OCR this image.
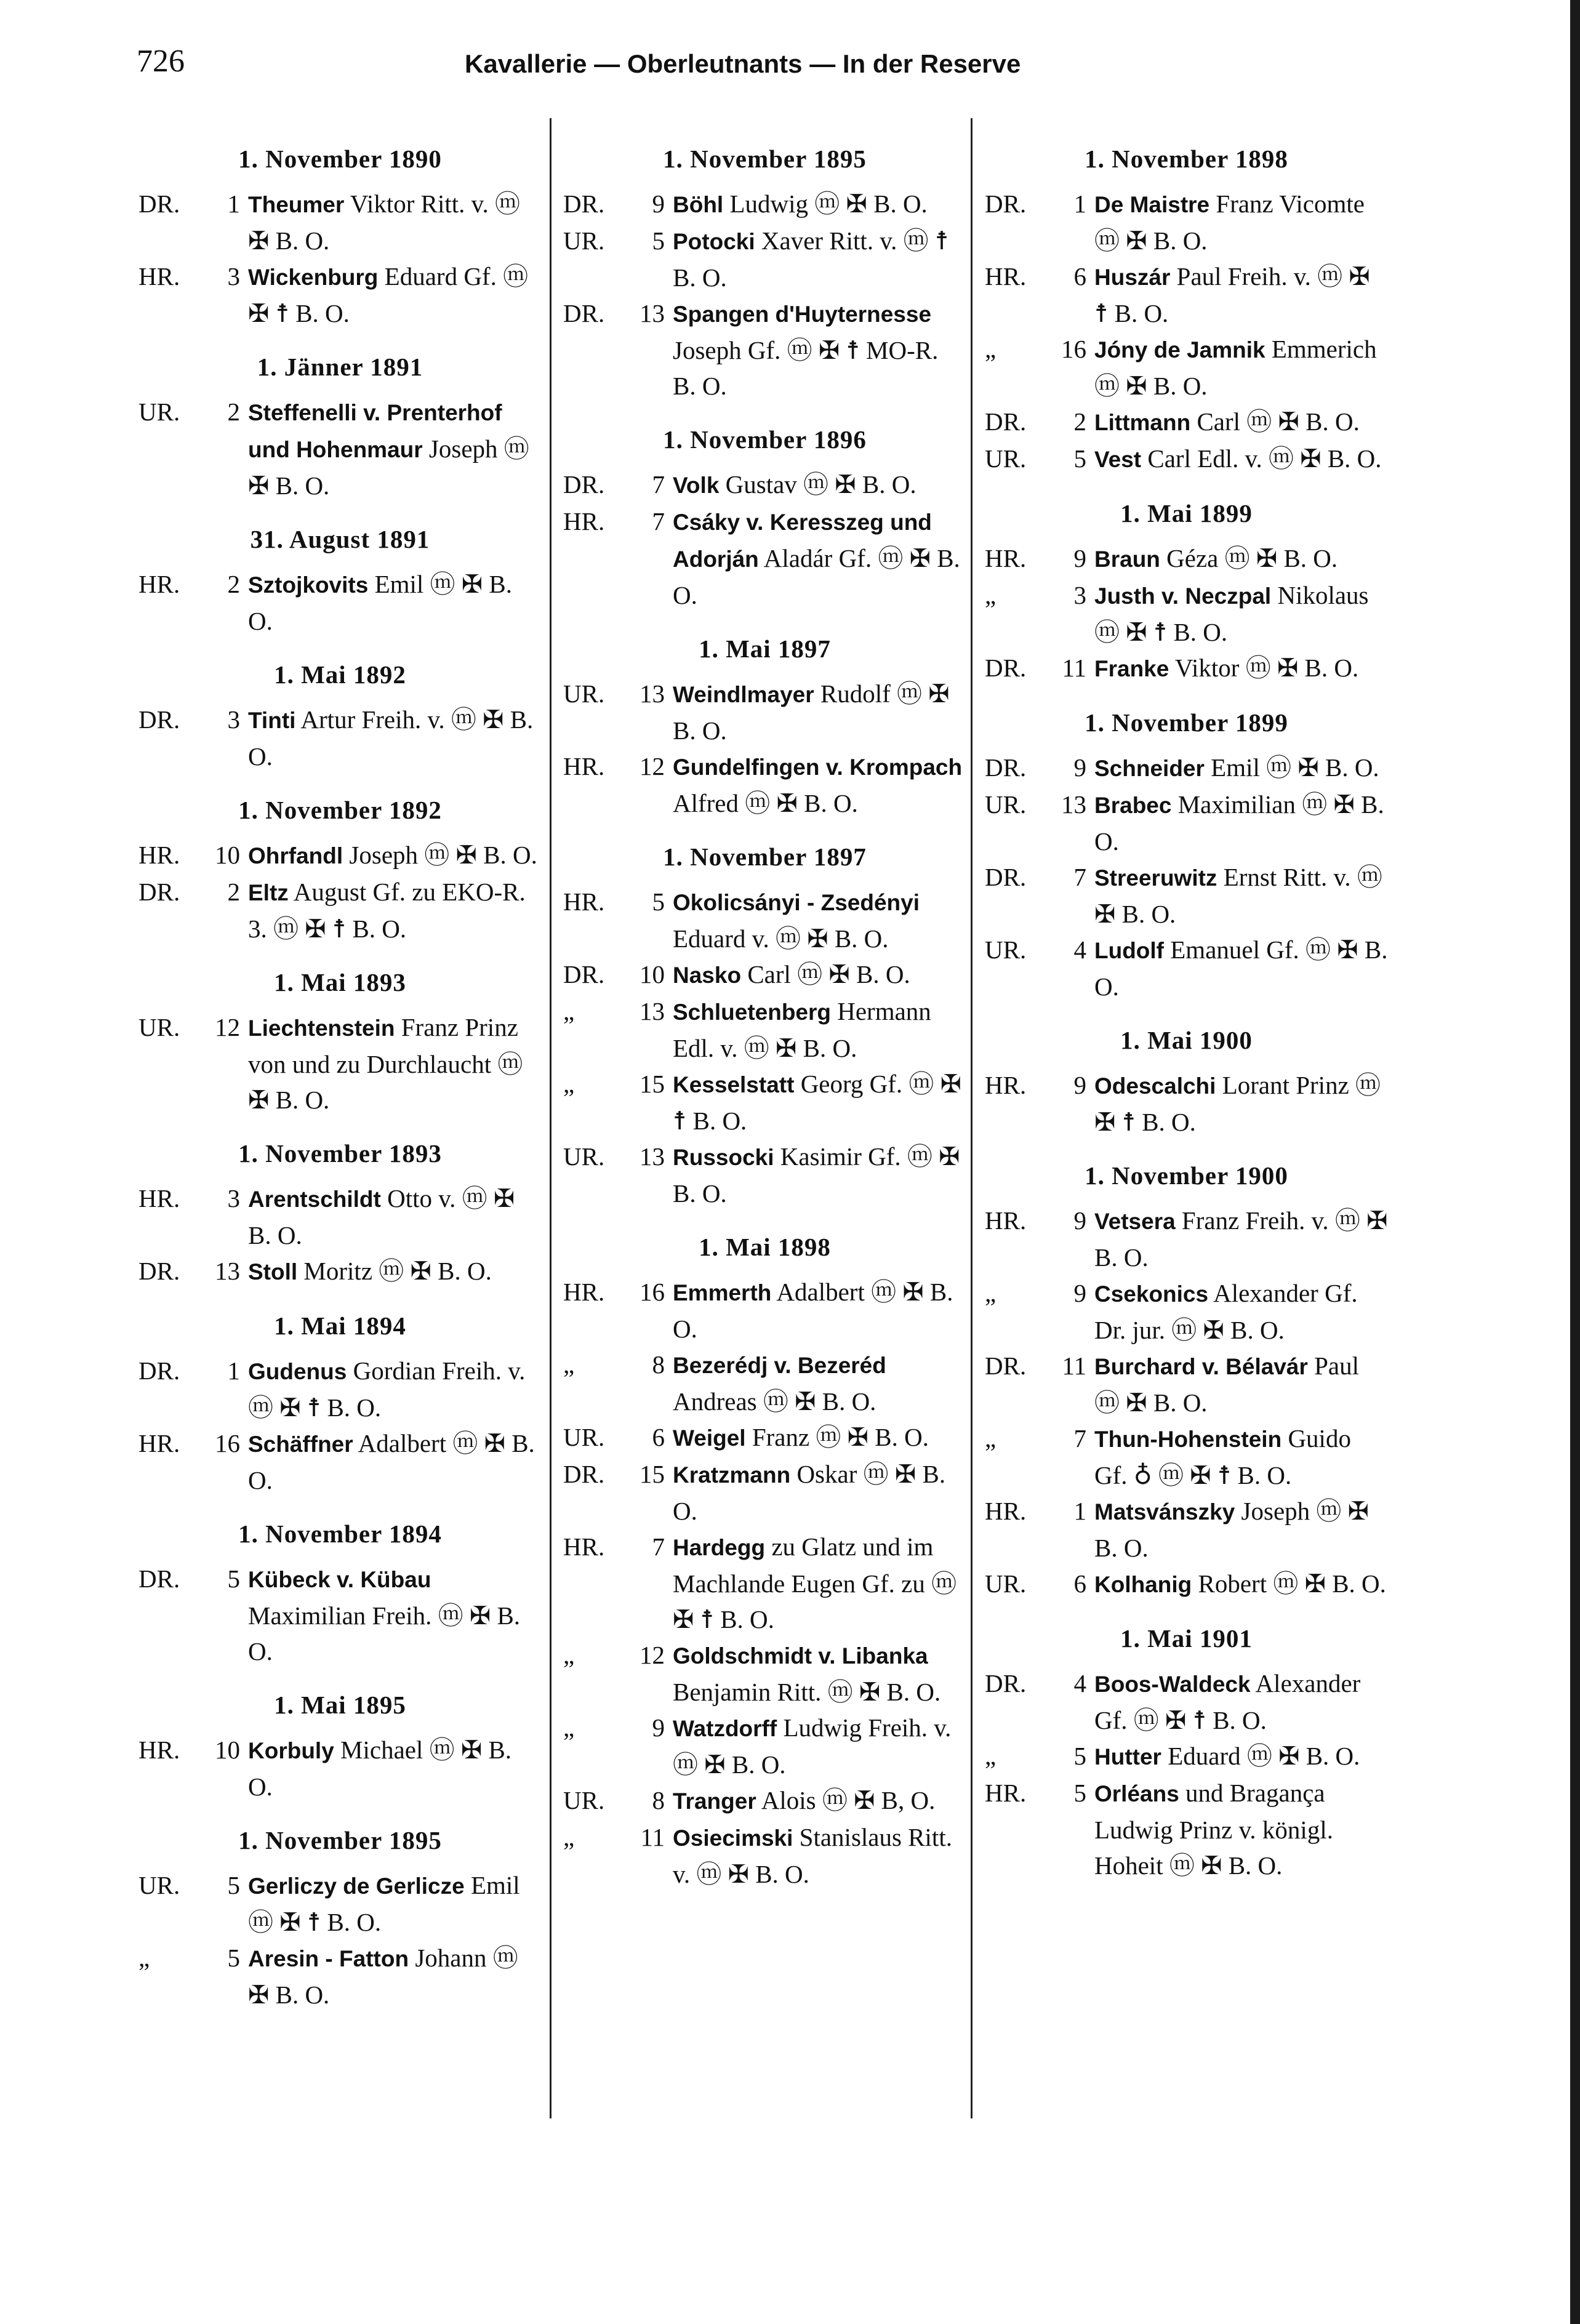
726	Kavallerie — Oberleutnants — In der Reserve
1. November 1890
DR.	1 Theumer Viktor Ritt. v. ⓜ ✠ B. O.
HR.	3 Wickenburg Eduard Gf. ⓜ ✠ ☨ B. O.
1. Jänner 1891
UR.	2 Steffenelli v. Prenterhof und Hohenmaur Joseph ⓜ ✠ B. O.
31. August 1891
HR.	2 Sztojkovits Emil ⓜ ✠ B. O.
1. Mai 1892
DR.	3 Tinti Artur Freih. v. ⓜ ✠ B. O.
1. November 1892
HR.	10 Ohrfandl Joseph ⓜ ✠ B. O.
DR.	2 Eltz August Gf. zu EKO-R. 3. ⓜ ✠ ☨ B. O.
1. Mai 1893
UR.	12 Liechtenstein Franz Prinz von und zu Durchlaucht ⓜ ✠ B. O.
1. November 1893
HR.	3 Arentschildt Otto v. ⓜ ✠ B. O.
DR.	13 Stoll Moritz ⓜ ✠ B. O.
1. Mai 1894
DR.	1 Gudenus Gordian Freih. v. ⓜ ✠ ☨ B. O.
HR.	16 Schäffner Adalbert ⓜ ✠ B. O.
1. November 1894
DR.	5 Kübeck v. Kübau Maximilian Freih. ⓜ ✠ B. O.
1. Mai 1895
HR.	10 Korbuly Michael ⓜ ✠ B. O.
1. November 1895
UR.	5 Gerliczy de Gerlicze Emil ⓜ ✠ ☨ B. O.
„	5 Aresin - Fatton Johann ⓜ ✠ B. O.
1. November 1895
DR.	9 Böhl Ludwig ⓜ ✠ B. O.
UR.	5 Potocki Xaver Ritt. v. ⓜ ☨ B. O.
DR.	13 Spangen d'Huyternesse Joseph Gf. ⓜ ✠ ☨ MO-R. B. O.
1. November 1896
DR.	7 Volk Gustav ⓜ ✠ B. O.
HR.	7 Csáky v. Keresszeg und Adorján Aladár Gf. ⓜ ✠ B. O.
1. Mai 1897
UR.	13 Weindlmayer Rudolf ⓜ ✠ B. O.
HR.	12 Gundelfingen v. Krompach Alfred ⓜ ✠ B. O.
1. November 1897
HR.	5 Okolicsányi - Zsedényi Eduard v. ⓜ ✠ B. O.
DR.	10 Nasko Carl ⓜ ✠ B. O.
„	13 Schluetenberg Hermann Edl. v. ⓜ ✠ B. O.
„	15 Kesselstatt Georg Gf. ⓜ ✠ ☨ B. O.
UR.	13 Russocki Kasimir Gf. ⓜ ✠ B. O.
1. Mai 1898
HR.	16 Emmerth Adalbert ⓜ ✠ B. O.
„	8 Bezerédj v. Bezeréd Andreas ⓜ ✠ B. O.
UR.	6 Weigel Franz ⓜ ✠ B. O.
DR.	15 Kratzmann Oskar ⓜ ✠ B. O.
HR.	7 Hardegg zu Glatz und im Machlande Eugen Gf. zu ⓜ ✠ ☨ B. O.
„	12 Goldschmidt v. Libanka Benjamin Ritt. ⓜ ✠ B. O.
„	9 Watzdorff Ludwig Freih. v. ⓜ ✠ B. O.
UR.	8 Tranger Alois ⓜ ✠ B, O.
„	11 Osiecimski Stanislaus Ritt. v. ⓜ ✠ B. O.
1. November 1898
DR.	1 De Maistre Franz Vicomte ⓜ ✠ B. O.
HR.	6 Huszár Paul Freih. v. ⓜ ✠ ☨ B. O.
„	16 Jóny de Jamnik Emmerich ⓜ ✠ B. O.
DR.	2 Littmann Carl ⓜ ✠ B. O.
UR.	5 Vest Carl Edl. v. ⓜ ✠ B. O.
1. Mai 1899
HR.	9 Braun Géza ⓜ ✠ B. O.
„	3 Justh v. Neczpal Nikolaus ⓜ ✠ ☨ B. O.
DR.	11 Franke Viktor ⓜ ✠ B. O.
1. November 1899
DR.	9 Schneider Emil ⓜ ✠ B. O.
UR.	13 Brabec Maximilian ⓜ ✠ B. O.
DR.	7 Streeruwitz Ernst Ritt. v. ⓜ ✠ B. O.
UR.	4 Ludolf Emanuel Gf. ⓜ ✠ B. O.
1. Mai 1900
HR.	9 Odescalchi Lorant Prinz ⓜ ✠ ☨ B. O.
1. November 1900
HR.	9 Vetsera Franz Freih. v. ⓜ ✠ B. O.
„	9 Csekonics Alexander Gf. Dr. jur. ⓜ ✠ B. O.
DR.	11 Burchard v. Bélavár Paul ⓜ ✠ B. O.
„	7 Thun-Hohenstein Guido Gf. ♁ ⓜ ✠ ☨ B. O.
HR.	1 Matsvánszky Joseph ⓜ ✠ B. O.
UR.	6 Kolhanig Robert ⓜ ✠ B. O.
1. Mai 1901
DR.	4 Boos-Waldeck Alexander Gf. ⓜ ✠ ☨ B. O.
„	5 Hutter Eduard ⓜ ✠ B. O.
HR.	5 Orléans und Bragança Ludwig Prinz v. königl. Hoheit ⓜ ✠ B. O.
